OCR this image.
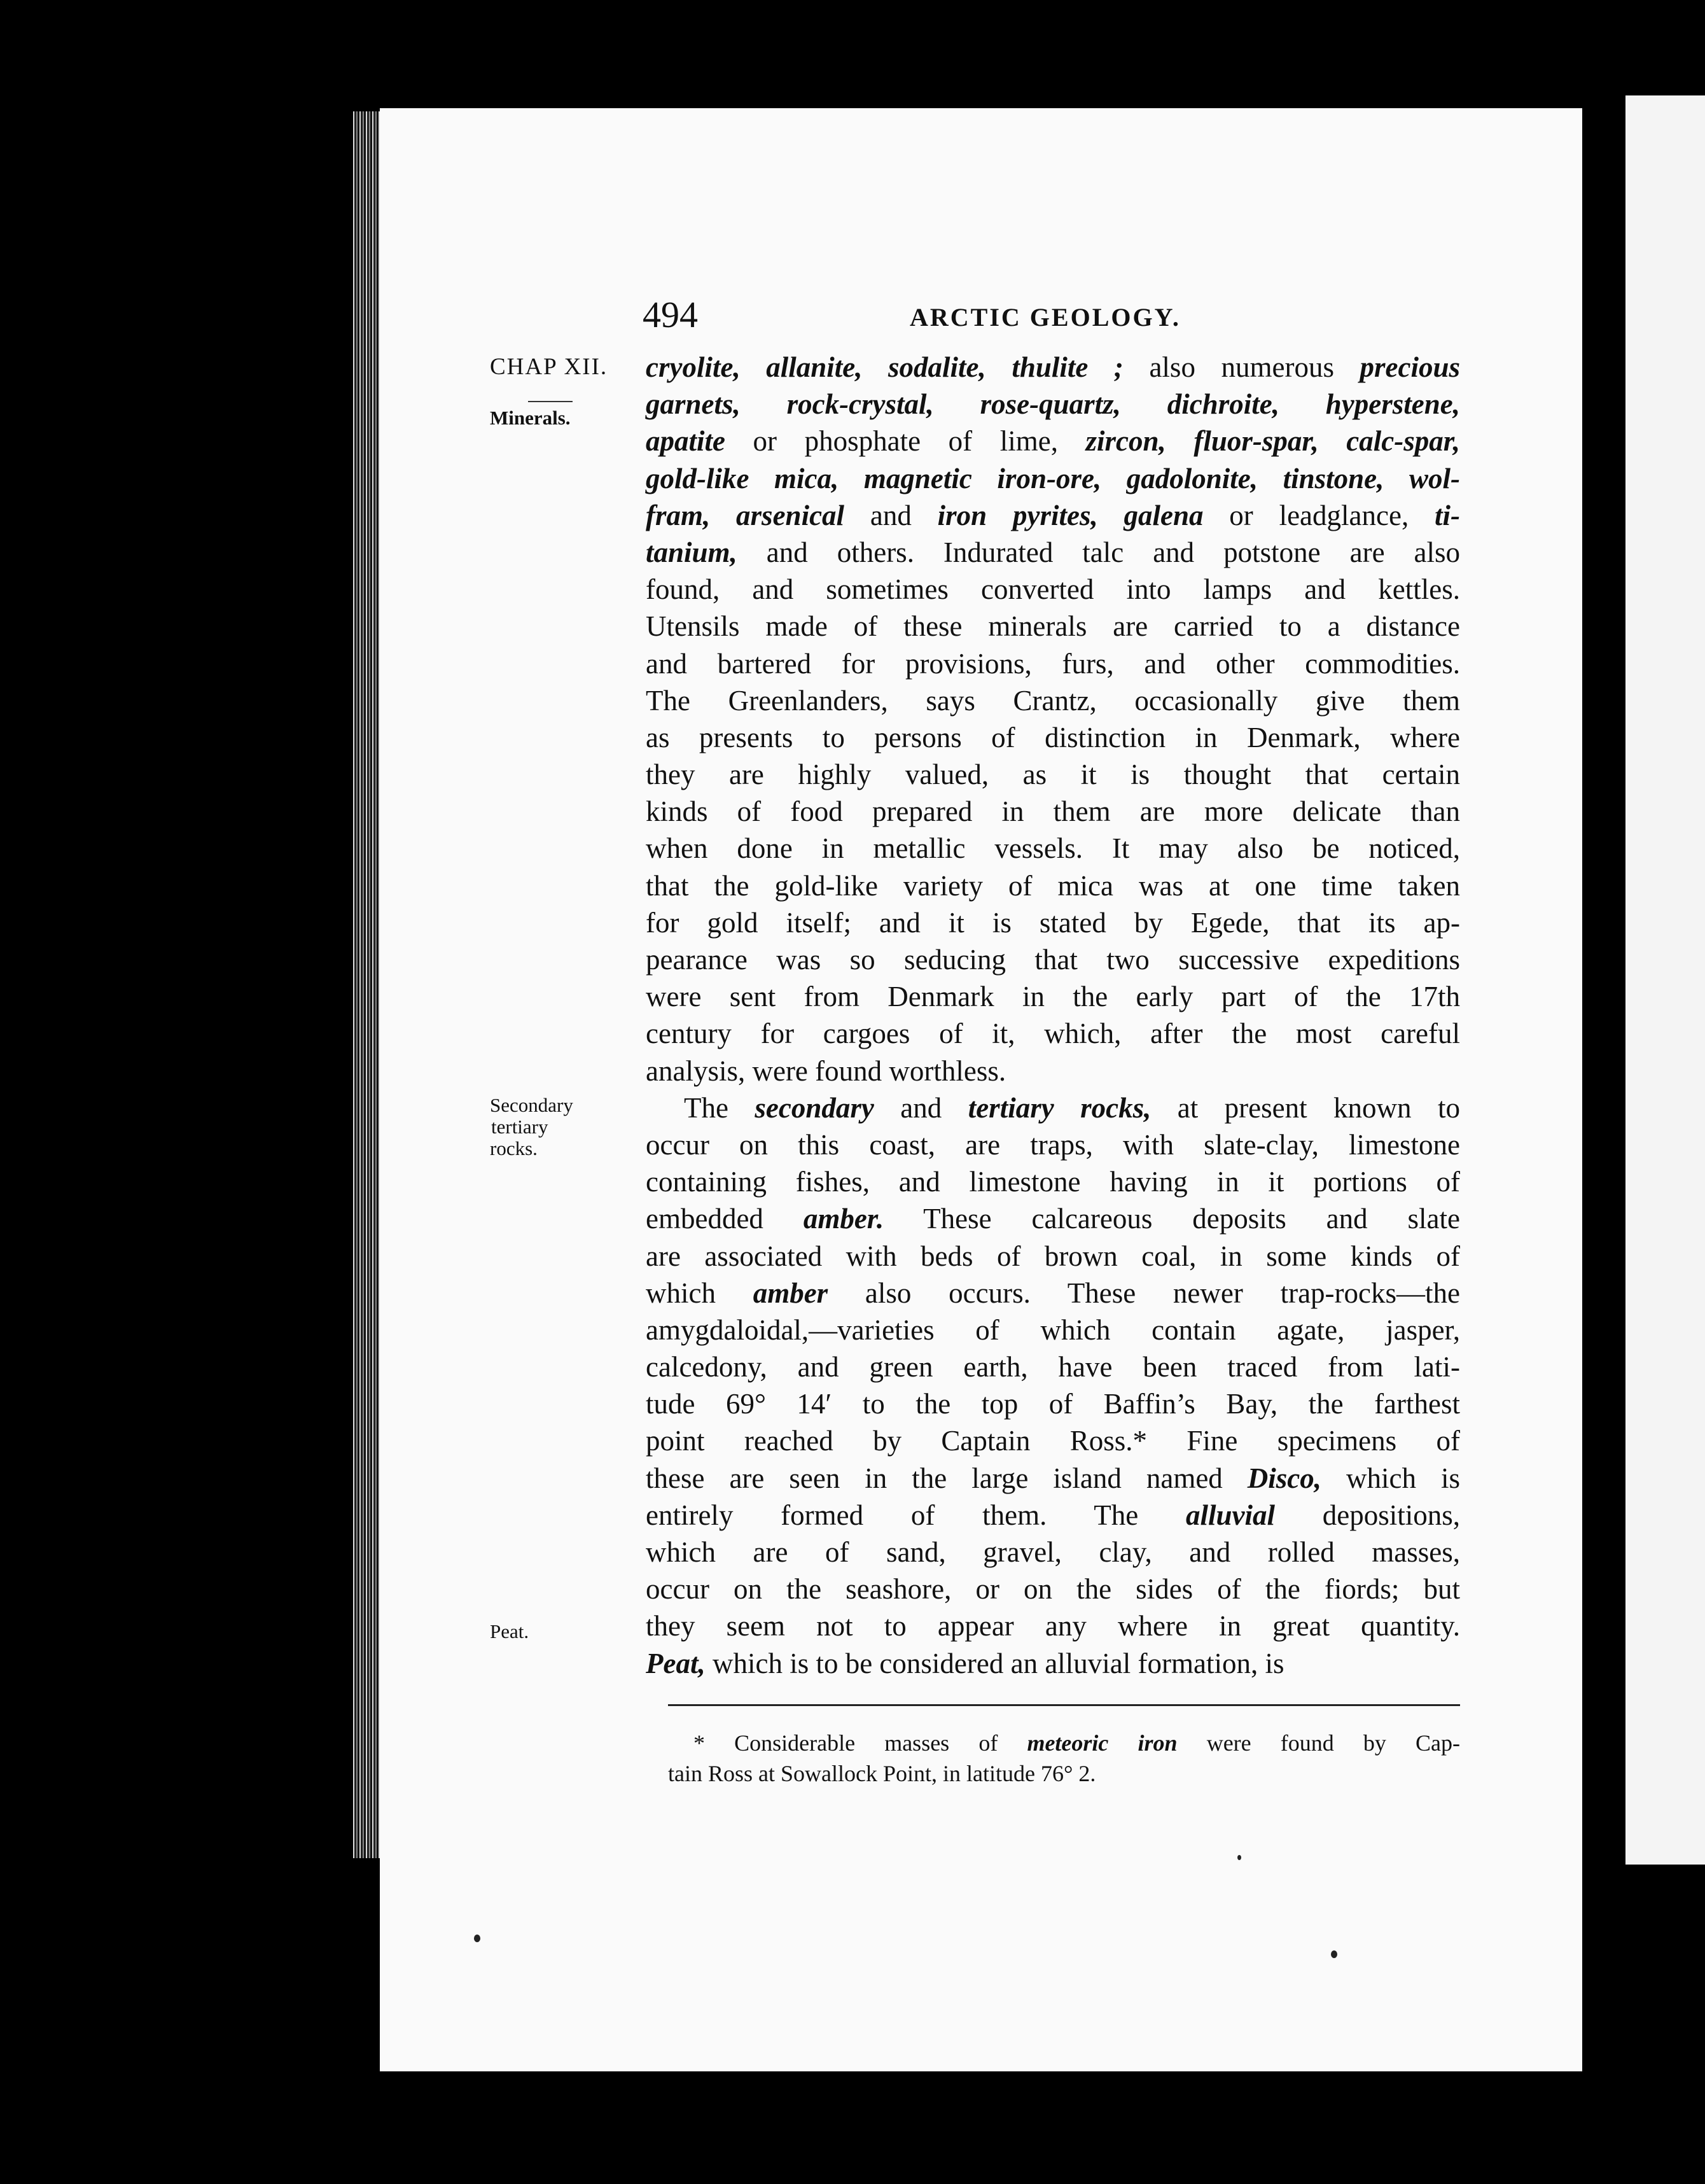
494	ARCTIC GEOLOGY.
CHAP XII.
Minerals.
Secondary
tertiary
rocks.
Peat.
cryolite, allanite, sodalite, thulite ; also numerous precious
garnets, rock-crystal, rose-quartz, dichroite, hyperstene,
apatite or phosphate of lime, zircon, fluor-spar, calc-spar,
gold-like mica, magnetic iron-ore, gadolonite, tinstone, wol-
fram, arsenical and iron pyrites, galena or leadglance, ti-
tanium, and others. Indurated talc and potstone are also
found, and sometimes converted into lamps and kettles.
Utensils made of these minerals are carried to a distance
and bartered for provisions, furs, and other commodities.
The Greenlanders, says Crantz, occasionally give them
as presents to persons of distinction in Denmark, where
they are highly valued, as it is thought that certain
kinds of food prepared in them are more delicate than
when done in metallic vessels. It may also be noticed,
that the gold-like variety of mica was at one time taken
for gold itself; and it is stated by Egede, that its ap-
pearance was so seducing that two successive expeditions
were sent from Denmark in the early part of the 17th
century for cargoes of it, which, after the most careful
analysis, were found worthless.
The secondary and tertiary rocks, at present known to
occur on this coast, are traps, with slate-clay, limestone
containing fishes, and limestone having in it portions of
embedded amber. These calcareous deposits and slate
are associated with beds of brown coal, in some kinds of
which amber also occurs. These newer trap-rocks—the
amygdaloidal,—varieties of which contain agate, jasper,
calcedony, and green earth, have been traced from lati-
tude 69° 14′ to the top of Baffin’s Bay, the farthest
point reached by Captain Ross.* Fine specimens of
these are seen in the large island named Disco, which is
entirely formed of them. The alluvial depositions,
which are of sand, gravel, clay, and rolled masses,
occur on the seashore, or on the sides of the fiords; but
they seem not to appear any where in great quantity.
Peat, which is to be considered an alluvial formation, is
* Considerable masses of meteoric iron were found by Cap-
tain Ross at Sowallock Point, in latitude 76° 2.
